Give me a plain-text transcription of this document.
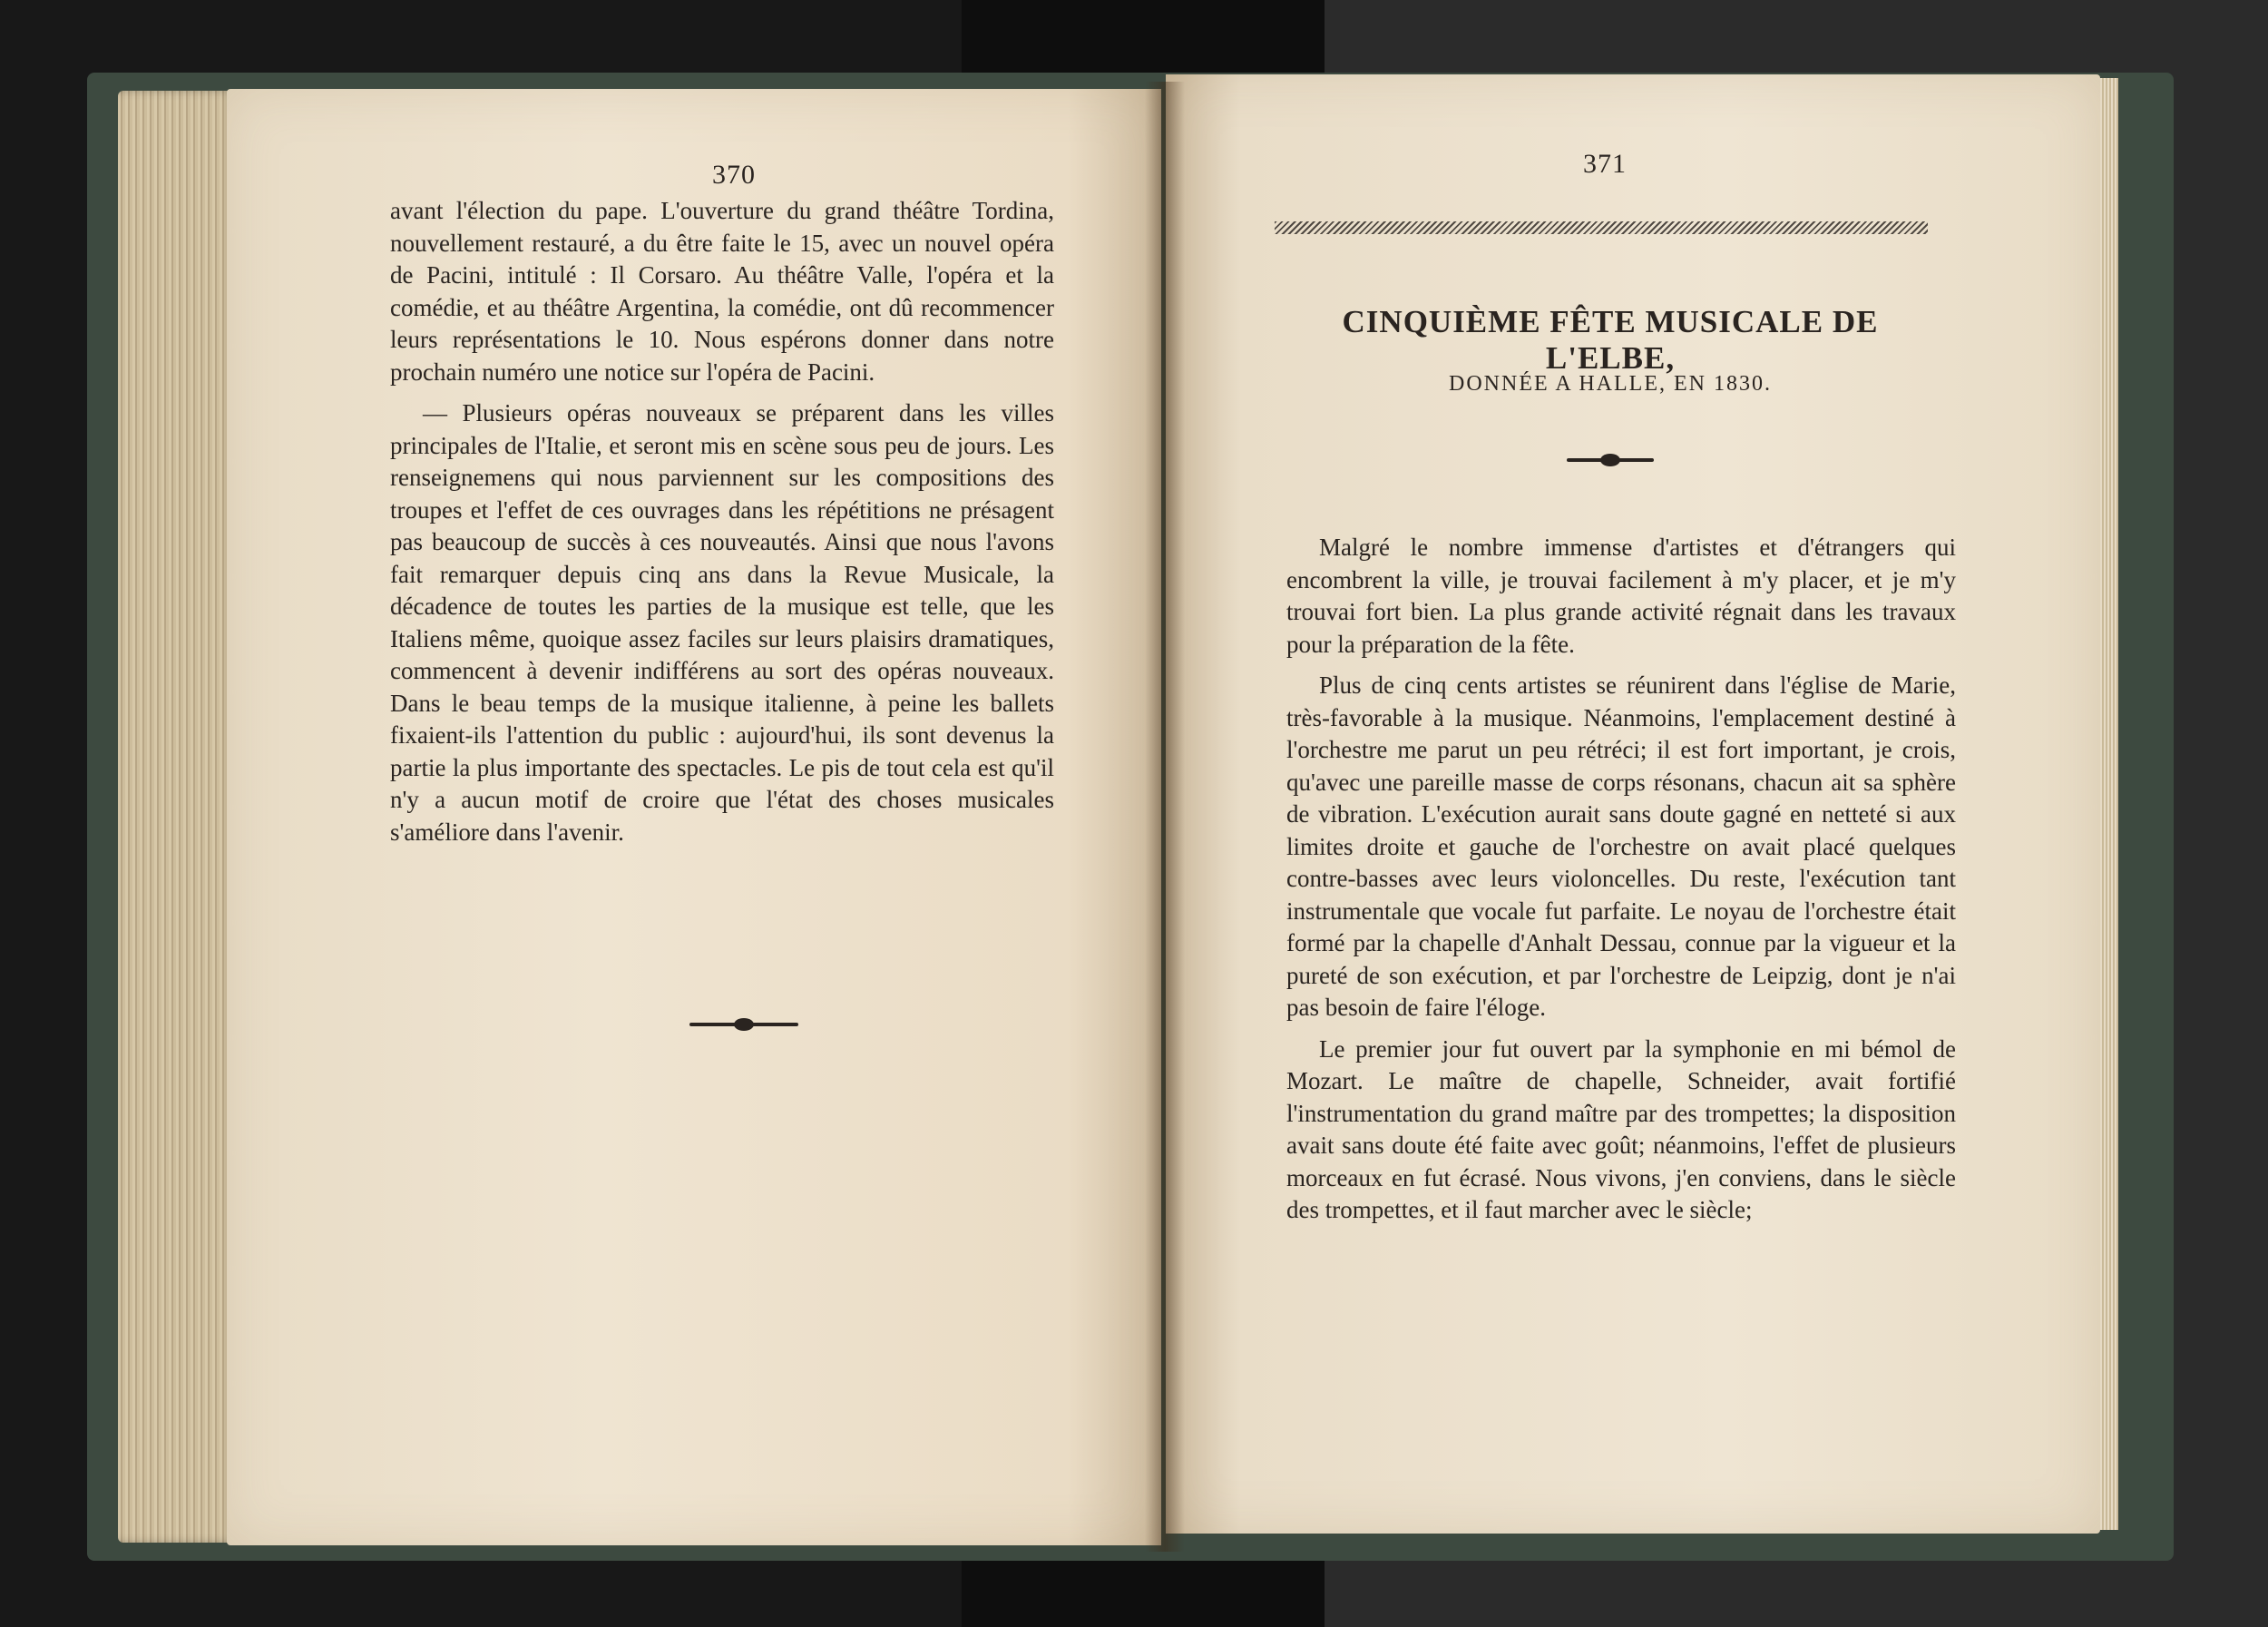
370

avant l'élection du pape. L'ouverture du grand théâtre Tordina, nouvellement restauré, a du être faite le 15, avec un nouvel opéra de Pacini, intitulé : Il Corsaro. Au théâtre Valle, l'opéra et la comédie, et au théâtre Argentina, la comédie, ont dû recommencer leurs représentations le 10. Nous espérons donner dans notre prochain numéro une notice sur l'opéra de Pacini.

— Plusieurs opéras nouveaux se préparent dans les villes principales de l'Italie, et seront mis en scène sous peu de jours. Les renseignemens qui nous parviennent sur les compositions des troupes et l'effet de ces ouvrages dans les répétitions ne présagent pas beaucoup de succès à ces nouveautés. Ainsi que nous l'avons fait remarquer depuis cinq ans dans la Revue Musicale, la décadence de toutes les parties de la musique est telle, que les Italiens même, quoique assez faciles sur leurs plaisirs dramatiques, commencent à devenir indifférens au sort des opéras nouveaux. Dans le beau temps de la musique italienne, à peine les ballets fixaient-ils l'attention du public : aujourd'hui, ils sont devenus la partie la plus importante des spectacles. Le pis de tout cela est qu'il n'y a aucun motif de croire que l'état des choses musicales s'améliore dans l'avenir.

371
CINQUIÈME FÊTE MUSICALE DE L'ELBE,
DONNÉE A HALLE, EN 1830.

Malgré le nombre immense d'artistes et d'étrangers qui encombrent la ville, je trouvai facilement à m'y placer, et je m'y trouvai fort bien. La plus grande activité régnait dans les travaux pour la préparation de la fête.

Plus de cinq cents artistes se réunirent dans l'église de Marie, très-favorable à la musique. Néanmoins, l'emplacement destiné à l'orchestre me parut un peu rétréci; il est fort important, je crois, qu'avec une pareille masse de corps résonans, chacun ait sa sphère de vibration. L'exécution aurait sans doute gagné en netteté si aux limites droite et gauche de l'orchestre on avait placé quelques contre-basses avec leurs violoncelles. Du reste, l'exécution tant instrumentale que vocale fut parfaite. Le noyau de l'orchestre était formé par la chapelle d'Anhalt Dessau, connue par la vigueur et la pureté de son exécution, et par l'orchestre de Leipzig, dont je n'ai pas besoin de faire l'éloge.

Le premier jour fut ouvert par la symphonie en mi bémol de Mozart. Le maître de chapelle, Schneider, avait fortifié l'instrumentation du grand maître par des trompettes; la disposition avait sans doute été faite avec goût; néanmoins, l'effet de plusieurs morceaux en fut écrasé. Nous vivons, j'en conviens, dans le siècle des trompettes, et il faut marcher avec le siècle;
